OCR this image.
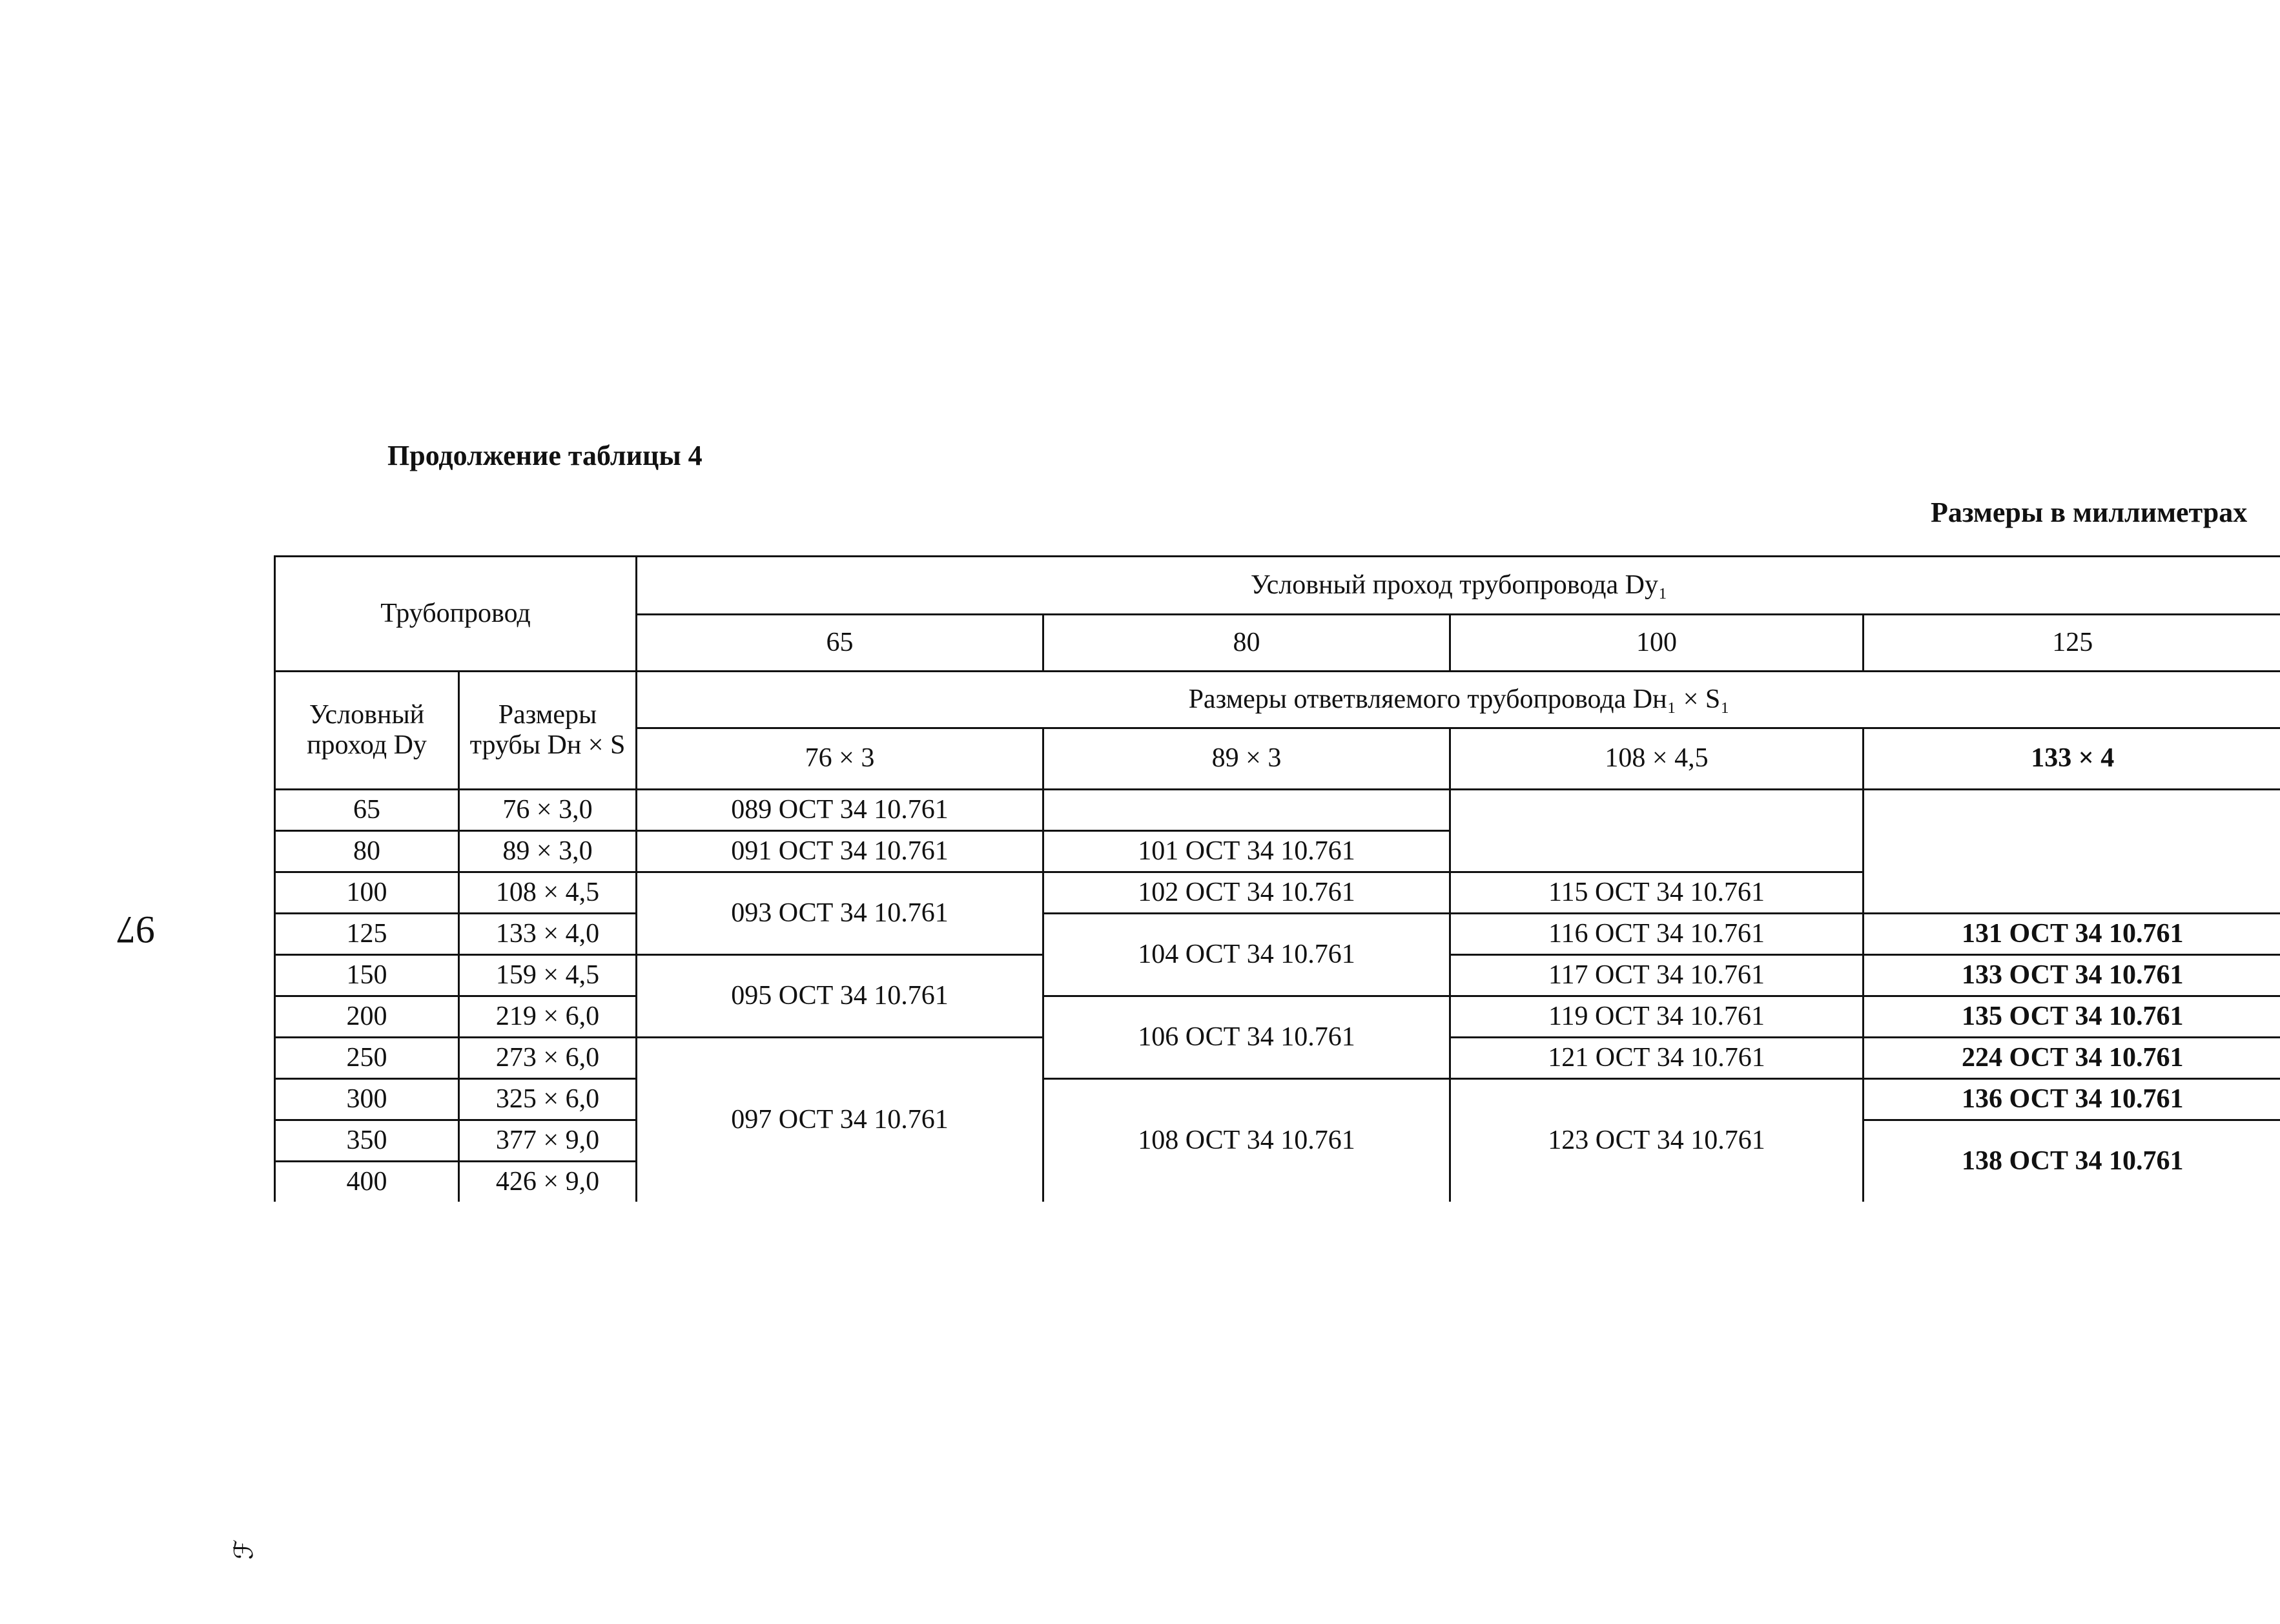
Продолжение таблицы 4
Размеры в миллиметрах
97
ℱ
Трубопровод		Условный проход трубопровода Dy₁			
		65	80	100	125
Условный проход Dy	Размеры трубы Dн × S	Размеры ответвляемого трубопровода Dн₁ × S₁			
		76 × 3	89 × 3	108 × 4,5	133 × 4
65	76 × 3,0	089 ОСТ 34 10.761			
80	89 × 3,0	091 ОСТ 34 10.761	101 ОСТ 34 10.761		
100	108 × 4,5	093 ОСТ 34 10.761	102 ОСТ 34 10.761	115 ОСТ 34 10.761	
125	133 × 4,0		104 ОСТ 34 10.761	116 ОСТ 34 10.761	131 ОСТ 34 10.761
150	159 × 4,5	095 ОСТ 34 10.761		117 ОСТ 34 10.761	133 ОСТ 34 10.761
200	219 × 6,0		106 ОСТ 34 10.761	119 ОСТ 34 10.761	135 ОСТ 34 10.761
250	273 × 6,0	097 ОСТ 34 10.761		121 ОСТ 34 10.761	224 ОСТ 34 10.761
300	325 × 6,0		108 ОСТ 34 10.761	123 ОСТ 34 10.761	136 ОСТ 34 10.761
350	377 × 9,0				138 ОСТ 34 10.761
400	426 × 9,0				
